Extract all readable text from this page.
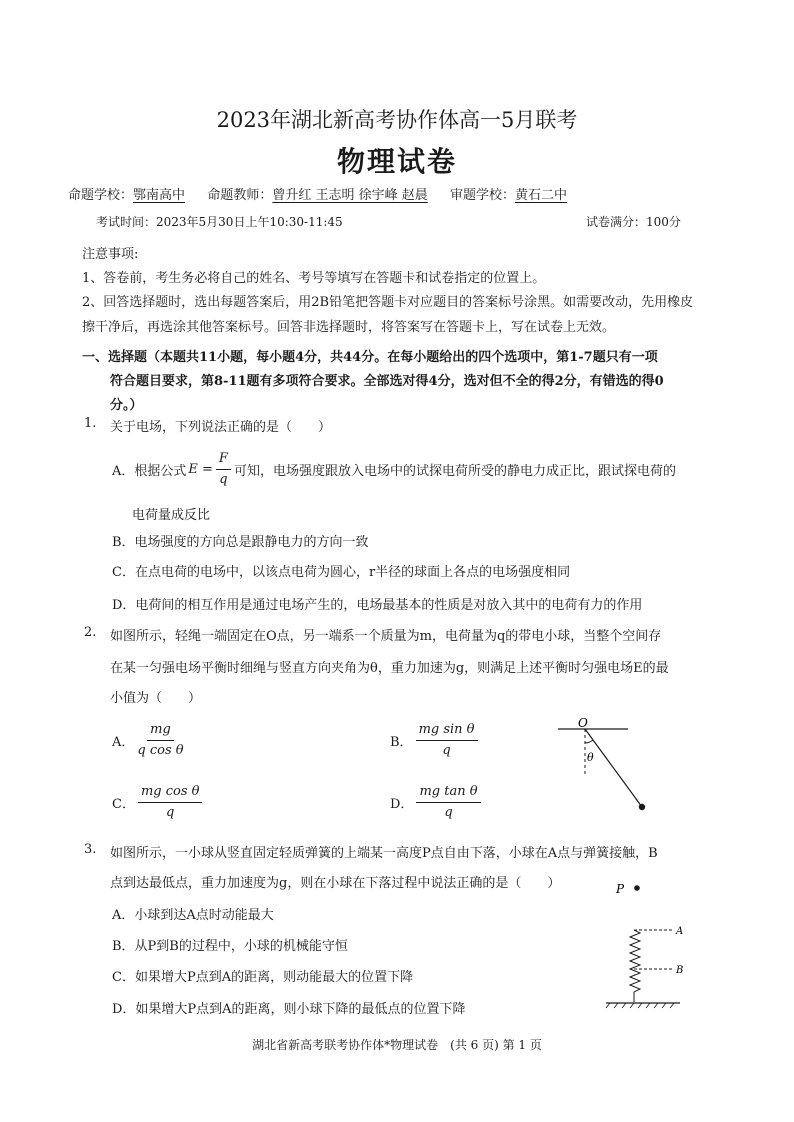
2023年湖北新高考协作体高一5月联考
物理试卷
命题学校：鄂南高中 命题教师：曾升红 王志明 徐宇峰 赵晨 审题学校：黄石二中
考试时间：2023年5月30日上午10:30-11:45	试卷满分：100分
注意事项:
1、答卷前，考生务必将自己的姓名、考号等填写在答题卡和试卷指定的位置上。
2、回答选择题时，选出每题答案后，用2B铅笔把答题卡对应题目的答案标号涂黑。如需要改动，先用橡皮
擦干净后，再选涂其他答案标号。回答非选择题时，将答案写在答题卡上，写在试卷上无效。
一、选择题（本题共11小题，每小题4分，共44分。在每小题给出的四个选项中，第1-7题只有一项
符合题目要求，第8-11题有多项符合要求。全部选对得4分，选对但不全的得2分，有错选的得0
分。）
1. 关于电场，下列说法正确的是（　　）
A．根据公式 $E = \frac{F}{q}$ 可知，电场强度跟放入电场中的试探电荷所受的静电力成正比，跟试探电荷的
电荷量成反比
B．电场强度的方向总是跟静电力的方向一致
C．在点电荷的电场中，以该点电荷为圆心，r半径的球面上各点的电场强度相同
D．电荷间的相互作用是通过电场产生的，电场最基本的性质是对放入其中的电荷有力的作用
2. 如图所示，轻绳一端固定在O点，另一端系一个质量为m，电荷量为q的带电小球，当整个空间存
在某一匀强电场平衡时细绳与竖直方向夹角为θ，重力加速为g，则满足上述平衡时匀强电场E的最
小值为（　　）
A． $\frac{mg}{\text{q cos θ}}$	B． $\frac{\text{mg sin θ}}{q}$
C． $\frac{\text{mg cos θ}}{q}$	D． $\frac{\text{mg tan θ}}{q}$
O
θ
3. 如图所示，一小球从竖直固定轻质弹簧的上端某一高度P点自由下落，小球在A点与弹簧接触，B
点到达最低点，重力加速度为g，则在小球在下落过程中说法正确的是（　　）
A．小球到达A点时动能最大
B．从P到B的过程中，小球的机械能守恒
C．如果增大P点到A的距离，则动能最大的位置下降
D．如果增大P点到A的距离，则小球下降的最低点的位置下降
P
A
B
湖北省新高考联考协作体*物理试卷　(共 6 页) 第 1 页
